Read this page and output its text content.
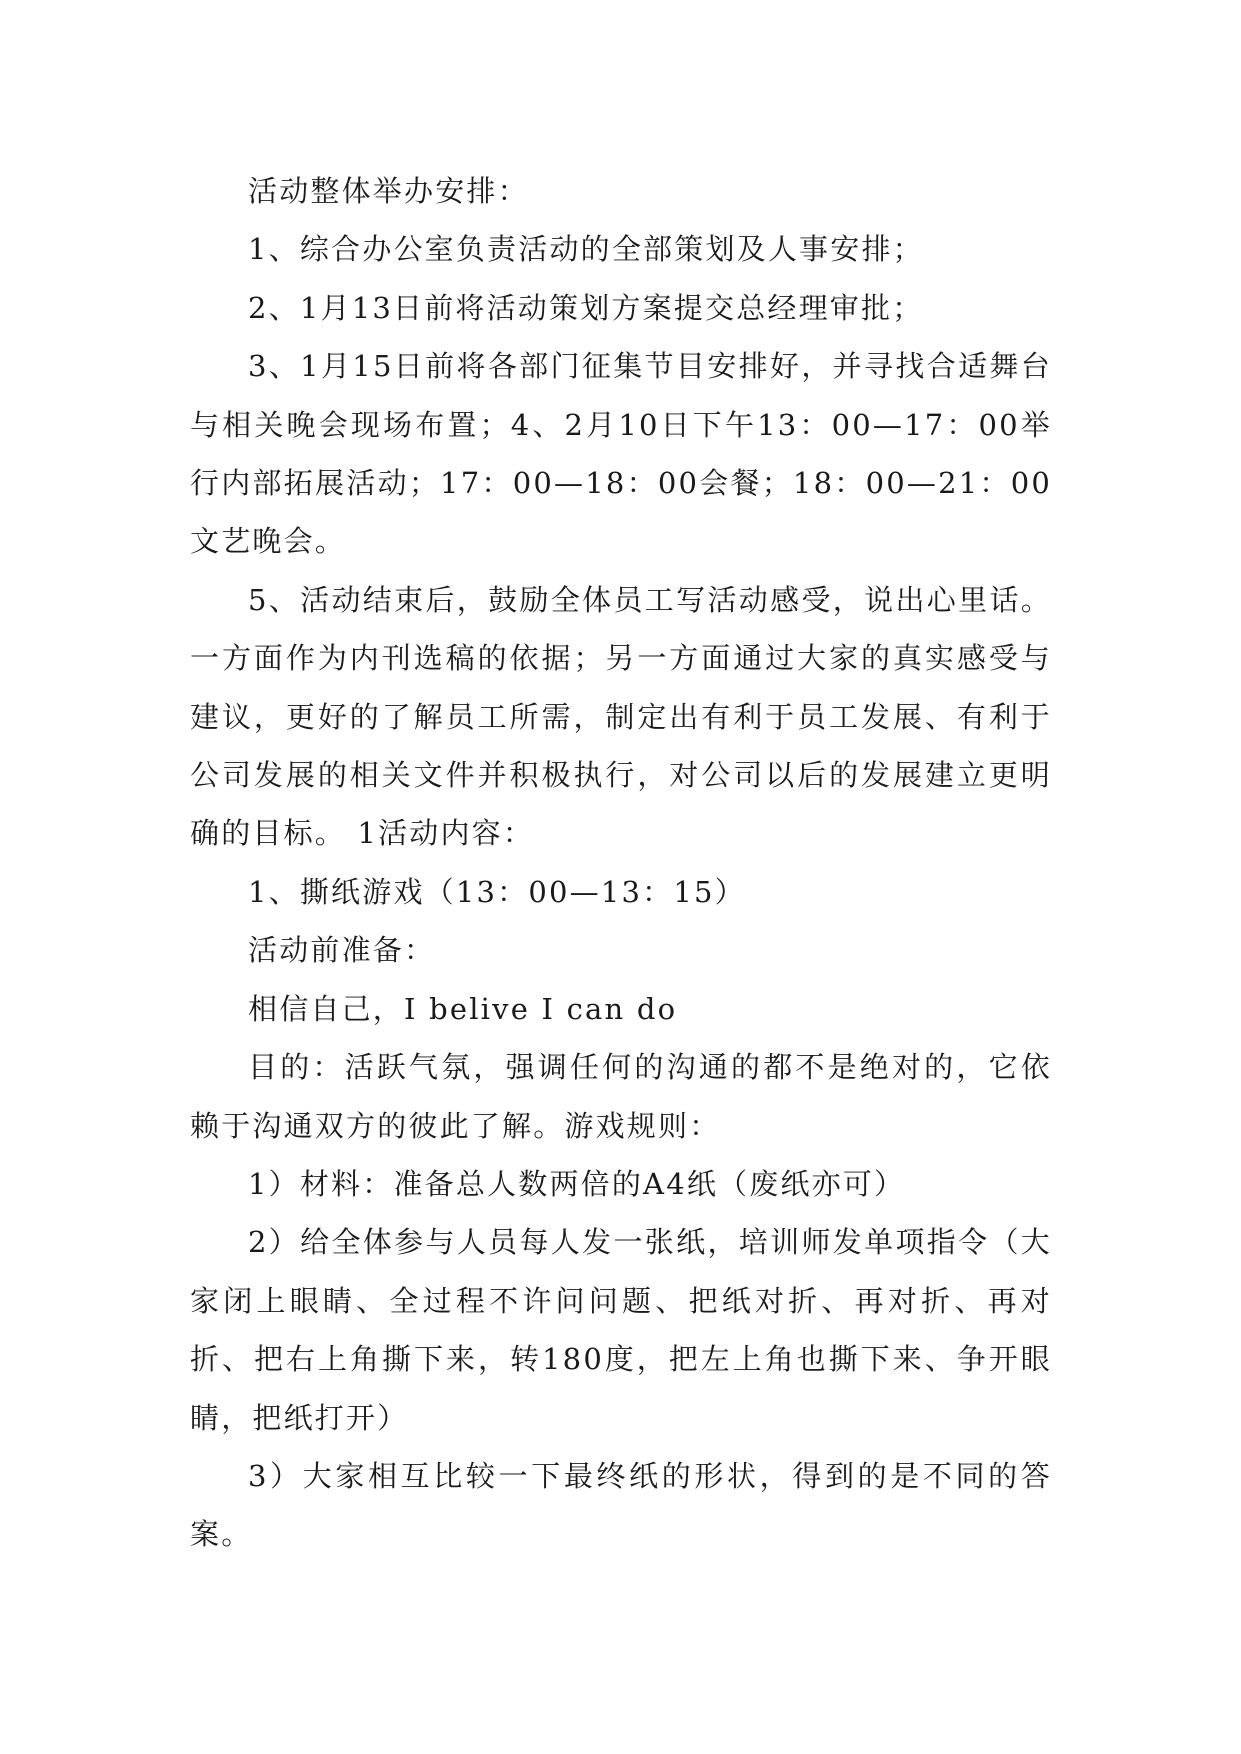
活动整体举办安排：

1、综合办公室负责活动的全部策划及人事安排；

2、1月13日前将活动策划方案提交总经理审批；

3、1月15日前将各部门征集节目安排好，并寻找合适舞台与相关晚会现场布置；4、2月10日下午13：00—17：00举行内部拓展活动；17：00—18：00会餐；18：00—21：00文艺晚会。

5、活动结束后，鼓励全体员工写活动感受，说出心里话。一方面作为内刊选稿的依据；另一方面通过大家的真实感受与建议，更好的了解员工所需，制定出有利于员工发展、有利于公司发展的相关文件并积极执行，对公司以后的发展建立更明确的目标。 1活动内容：

1、撕纸游戏（13：00—13：15）

活动前准备：

相信自己，I belive I can do

目的：活跃气氛，强调任何的沟通的都不是绝对的，它依赖于沟通双方的彼此了解。游戏规则：

1）材料：准备总人数两倍的A4纸（废纸亦可）

2）给全体参与人员每人发一张纸，培训师发单项指令（大家闭上眼睛、全过程不许问问题、把纸对折、再对折、再对折、把右上角撕下来，转180度，把左上角也撕下来、争开眼睛，把纸打开）

3）大家相互比较一下最终纸的形状，得到的是不同的答案。
